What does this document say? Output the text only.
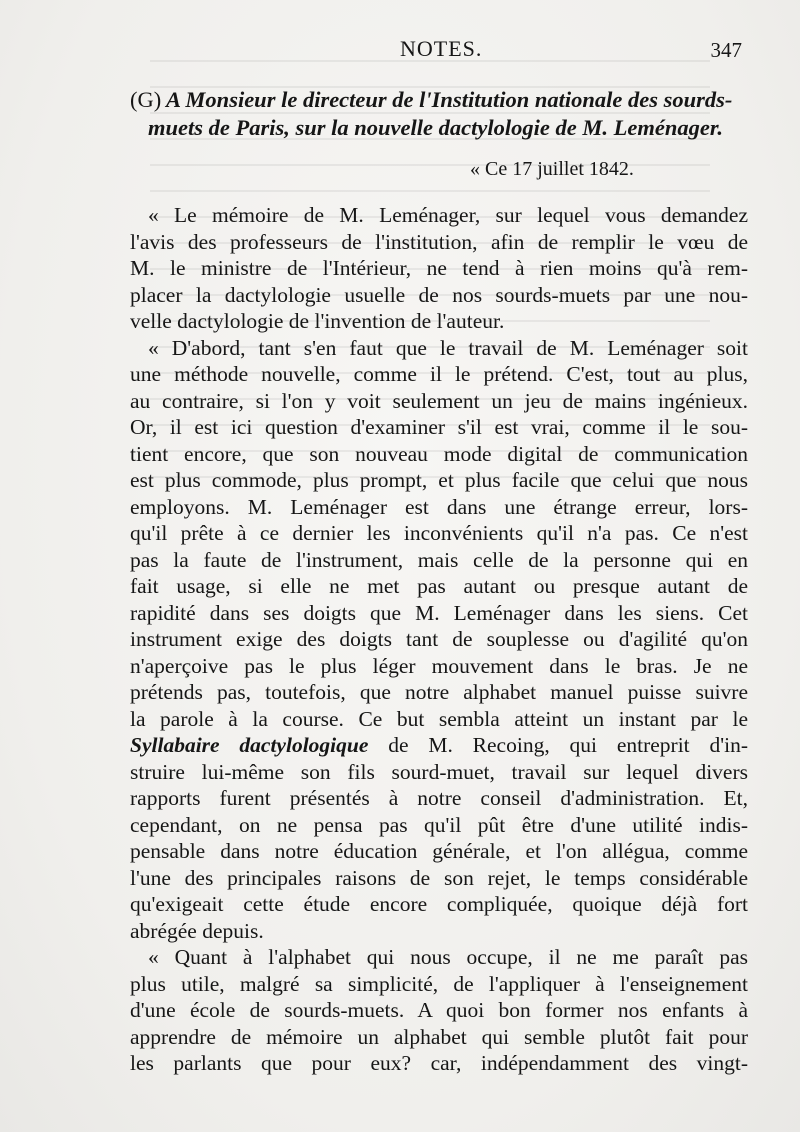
NOTES.	347
(G) A Monsieur le directeur de l'Institution nationale des sourds-
muets de Paris, sur la nouvelle dactylologie de M. Leménager.
« Ce 17 juillet 1842.
« Le mémoire de M. Leménager, sur lequel vous demandez
l'avis des professeurs de l'institution, afin de remplir le vœu de
M. le ministre de l'Intérieur, ne tend à rien moins qu'à rem-
placer la dactylologie usuelle de nos sourds-muets par une nou-
velle dactylologie de l'invention de l'auteur.
« D'abord, tant s'en faut que le travail de M. Leménager soit
une méthode nouvelle, comme il le prétend. C'est, tout au plus,
au contraire, si l'on y voit seulement un jeu de mains ingénieux.
Or, il est ici question d'examiner s'il est vrai, comme il le sou-
tient encore, que son nouveau mode digital de communication
est plus commode, plus prompt, et plus facile que celui que nous
employons. M. Leménager est dans une étrange erreur, lors-
qu'il prête à ce dernier les inconvénients qu'il n'a pas. Ce n'est
pas la faute de l'instrument, mais celle de la personne qui en
fait usage, si elle ne met pas autant ou presque autant de
rapidité dans ses doigts que M. Leménager dans les siens. Cet
instrument exige des doigts tant de souplesse ou d'agilité qu'on
n'aperçoive pas le plus léger mouvement dans le bras. Je ne
prétends pas, toutefois, que notre alphabet manuel puisse suivre
la parole à la course. Ce but sembla atteint un instant par le
Syllabaire dactylologique de M. Recoing, qui entreprit d'in-
struire lui-même son fils sourd-muet, travail sur lequel divers
rapports furent présentés à notre conseil d'administration. Et,
cependant, on ne pensa pas qu'il pût être d'une utilité indis-
pensable dans notre éducation générale, et l'on allégua, comme
l'une des principales raisons de son rejet, le temps considérable
qu'exigeait cette étude encore compliquée, quoique déjà fort
abrégée depuis.
« Quant à l'alphabet qui nous occupe, il ne me paraît pas
plus utile, malgré sa simplicité, de l'appliquer à l'enseignement
d'une école de sourds-muets. A quoi bon former nos enfants à
apprendre de mémoire un alphabet qui semble plutôt fait pour
les parlants que pour eux? car, indépendamment des vingt-
